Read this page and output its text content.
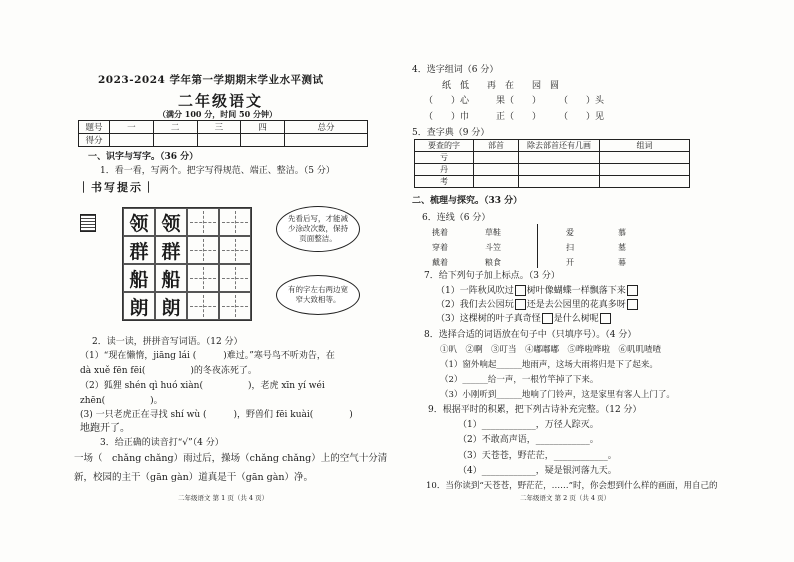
2023-2024 学年第一学期期末学业水平测试
二年级语文
（满分 100 分，时间 50 分钟）
题号	一	二	三	四	总分
得分					
一、识字与写字。（36 分）
1．看一看，写两个。把字写得规范、端正、整洁。（5 分）
｜书写提示｜
领 领
群 群
船 船
朗 朗
先看后写，才能减少涂改次数，保持页面整洁。
有的字左右两边宽窄大致相等。
2．读一读，拼拼音写词语。（12 分）
（1）“现在懒惰，jiāng lái (　　　)难过。”寒号鸟不听劝告，在
dà xuě fēn fēi(　　　　　)的冬夜冻死了。
（2）狐狸 shén qì huó xiàn(　　　　　)，老虎 xīn yí wéi
zhēn(　　　　　)。
(3) 一只老虎正在寻找 shí wù (　　　)，野兽们 fēi kuài(　　　　)
地跑开了。
3．给正确的读音打“√”（4 分）
一场（　chǎng chǎng）雨过后，操场（chǎng chǎng）上的空气十分清
新，校园的主干（gān gàn）道真是干（gān gàn）净。
二年级语文 第 1 页（共 4 页）
4．选字组词（6 分）
纸　低　　再　在　　园　圆
（　　）心　　　果（　　）　　　（　　）头
（　　）巾　　　正（　　）　　　（　　）见
5．查字典（9 分）
要查的字	部首	除去部首还有几画	组词
亏			
丹			
考			
二、梳理与探究。（33 分）
6．连线（6 分）
挑着
穿着
戴着
草鞋
斗笠
粮食
爱
扫
开
慕
墓
幕
7．给下列句子加上标点。（3 分）
（1）一阵秋风吹过 树叶像蝴蝶一样飘落下来
（2）我们去公园玩 还是去公园里的花真多呀
（3）这棵树的叶子真奇怪 是什么树呢
8．选择合适的词语放在句子中（只填序号）。（4 分）
①叭　②啊　③叮当　④嘟嘟嘟　⑤哗啦哗啦　⑥叽叽喳喳
（1）窗外响起______地雨声，这场大雨将归是下了起来。
（2）______给一声，一根竹竿掉了下来。
（3）小刚听到______地响了门铃声，这是家里有客人上门了。
9．根据平时的积累，把下列古诗补充完整。（12 分）
（1）____________，万径人踪灭。
（2）不敢高声语，____________。
（3）天苍苍，野茫茫，____________。
（4）____________，疑是银河落九天。
10．当你读到“天苍苍，野茫茫，……”时，你会想到什么样的画面，用自己的
二年级语文 第 2 页（共 4 页）
